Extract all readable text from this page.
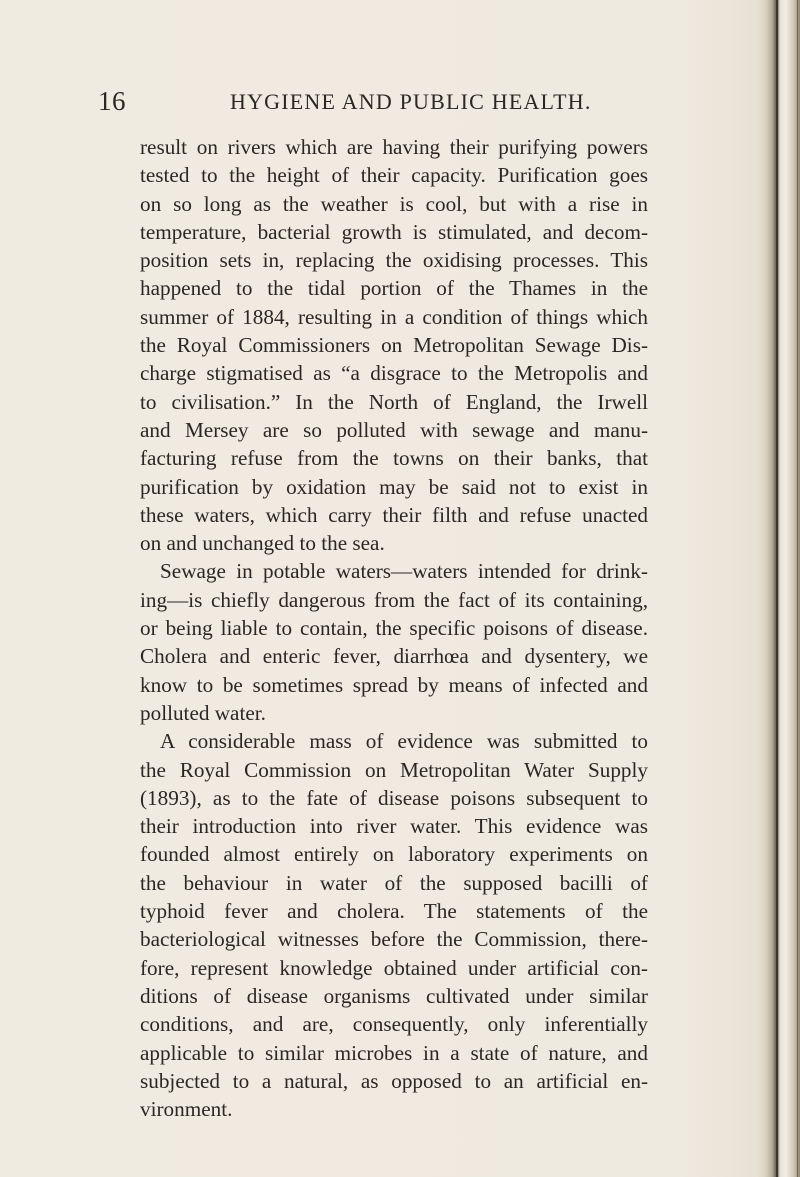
16	HYGIENE AND PUBLIC HEALTH.
result on rivers which are having their purifying powers
tested to the height of their capacity. Purification goes
on so long as the weather is cool, but with a rise in
temperature, bacterial growth is stimulated, and decom-
position sets in, replacing the oxidising processes. This
happened to the tidal portion of the Thames in the
summer of 1884, resulting in a condition of things which
the Royal Commissioners on Metropolitan Sewage Dis-
charge stigmatised as “a disgrace to the Metropolis and
to civilisation.” In the North of England, the Irwell
and Mersey are so polluted with sewage and manu-
facturing refuse from the towns on their banks, that
purification by oxidation may be said not to exist in
these waters, which carry their filth and refuse unacted
on and unchanged to the sea.
Sewage in potable waters—waters intended for drink-
ing—is chiefly dangerous from the fact of its containing,
or being liable to contain, the specific poisons of disease.
Cholera and enteric fever, diarrhœa and dysentery, we
know to be sometimes spread by means of infected and
polluted water.
A considerable mass of evidence was submitted to
the Royal Commission on Metropolitan Water Supply
(1893), as to the fate of disease poisons subsequent to
their introduction into river water. This evidence was
founded almost entirely on laboratory experiments on
the behaviour in water of the supposed bacilli of
typhoid fever and cholera. The statements of the
bacteriological witnesses before the Commission, there-
fore, represent knowledge obtained under artificial con-
ditions of disease organisms cultivated under similar
conditions, and are, consequently, only inferentially
applicable to similar microbes in a state of nature, and
subjected to a natural, as opposed to an artificial en-
vironment.
